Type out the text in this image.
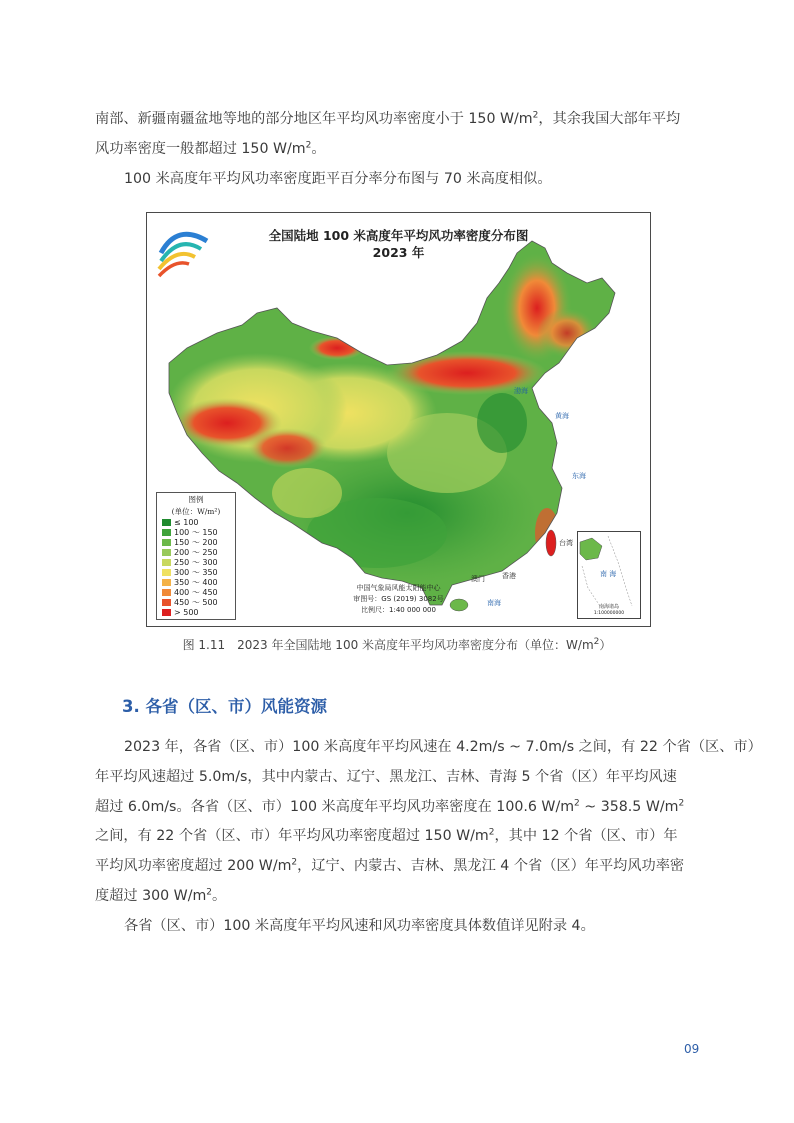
南部、新疆南疆盆地等地的部分地区年平均风功率密度小于 150 $W/m^2$，其余我国大部年平均
风功率密度一般都超过 150 $W/m^2$。
100 米高度年平均风功率密度距平百分率分布图与 70 米高度相似。

渤海
黄海
东海
南海
香港
澳门
台湾
全国陆地 100 米高度年平均风功率密度分布图
2023 年
图例
(单位：W/m²)
≤ 100
100 ～ 150
150 ～ 200
200 ～ 250
250 ～ 300
300 ～ 350
350 ～ 400
400 ～ 450
450 ～ 500
> 500
中国气象局风能太阳能中心
审图号：GS (2019) 3082号
比例尺：1:40 000 000
南 海
南海诸岛
1:100000000
图 1.11　2023 年全国陆地 100 米高度年平均风功率密度分布（单位：$W/m^2$）
3. 各省（区、市）风能资源

2023 年，各省（区、市）100 米高度年平均风速在 4.2m/s ~ 7.0m/s 之间，有 22 个省（区、市）
年平均风速超过 5.0m/s，其中内蒙古、辽宁、黑龙江、吉林、青海 5 个省（区）年平均风速
超过 6.0m/s。各省（区、市）100 米高度年平均风功率密度在 100.6 $W/m^2$ ~ 358.5 $W/m^2$
之间，有 22 个省（区、市）年平均风功率密度超过 150 $W/m^2$，其中 12 个省（区、市）年
平均风功率密度超过 200 $W/m^2$，辽宁、内蒙古、吉林、黑龙江 4 个省（区）年平均风功率密
度超过 300 $W/m^2$。
各省（区、市）100 米高度年平均风速和风功率密度具体数值详见附录 4。

09
